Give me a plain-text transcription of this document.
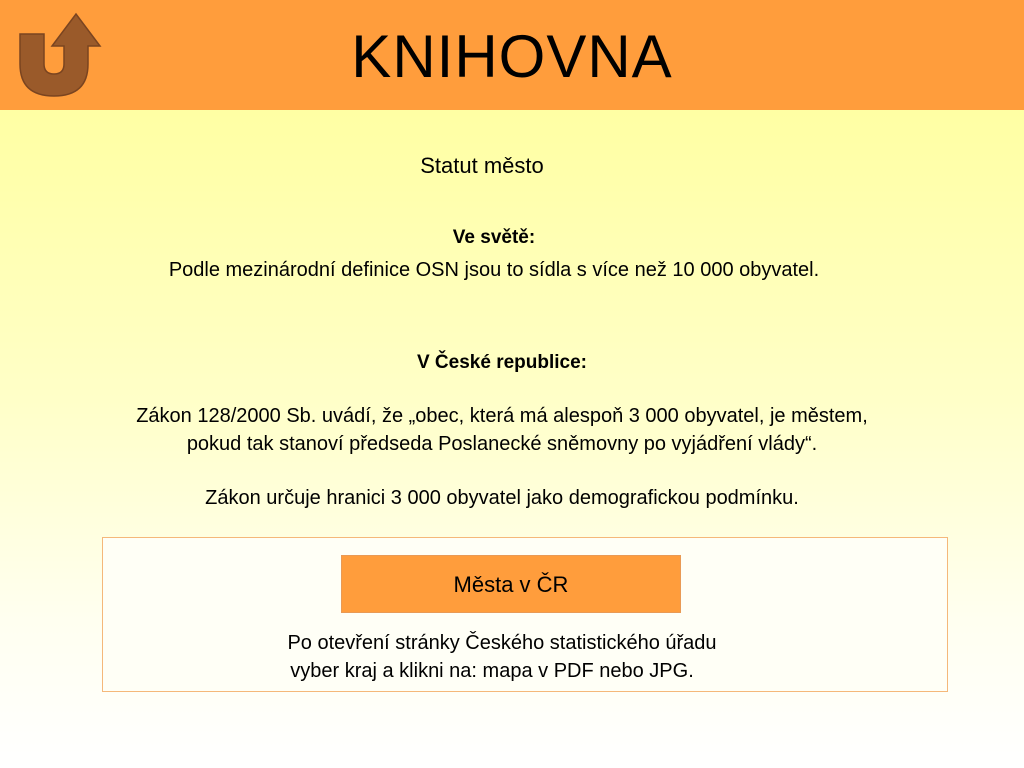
KNIHOVNA
Statut město
Ve světě:
Podle mezinárodní definice OSN jsou to sídla s více než 10 000 obyvatel.
V České republice:
Zákon 128/2000 Sb. uvádí, že „obec, která má alespoň 3 000 obyvatel, je městem,
pokud tak stanoví předseda Poslanecké sněmovny po vyjádření vlády“.
Zákon určuje hranici 3 000 obyvatel jako demografickou podmínku.
Města v ČR
Po otevření stránky Českého statistického úřadu
vyber kraj a klikni na: mapa v PDF nebo JPG.
